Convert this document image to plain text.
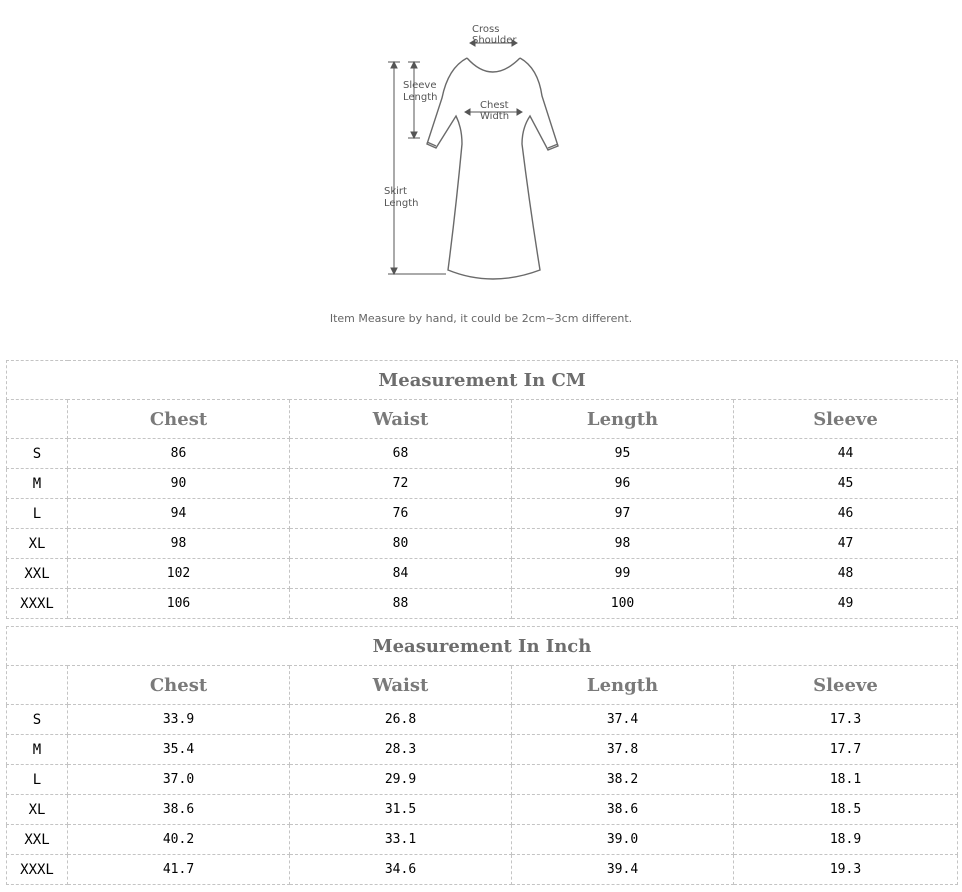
Cross
Shoulder
Sleeve
Length
Chest
Width
Skirt
Length
Item Measure by hand, it could be 2cm~3cm different.
Measurement In CM				
	Chest	Waist	Length	Sleeve
S	86	68	95	44
M	90	72	96	45
L	94	76	97	46
XL	98	80	98	47
XXL	102	84	99	48
XXXL	106	88	100	49
Measurement In Inch				
	Chest	Waist	Length	Sleeve
S	33.9	26.8	37.4	17.3
M	35.4	28.3	37.8	17.7
L	37.0	29.9	38.2	18.1
XL	38.6	31.5	38.6	18.5
XXL	40.2	33.1	39.0	18.9
XXXL	41.7	34.6	39.4	19.3
